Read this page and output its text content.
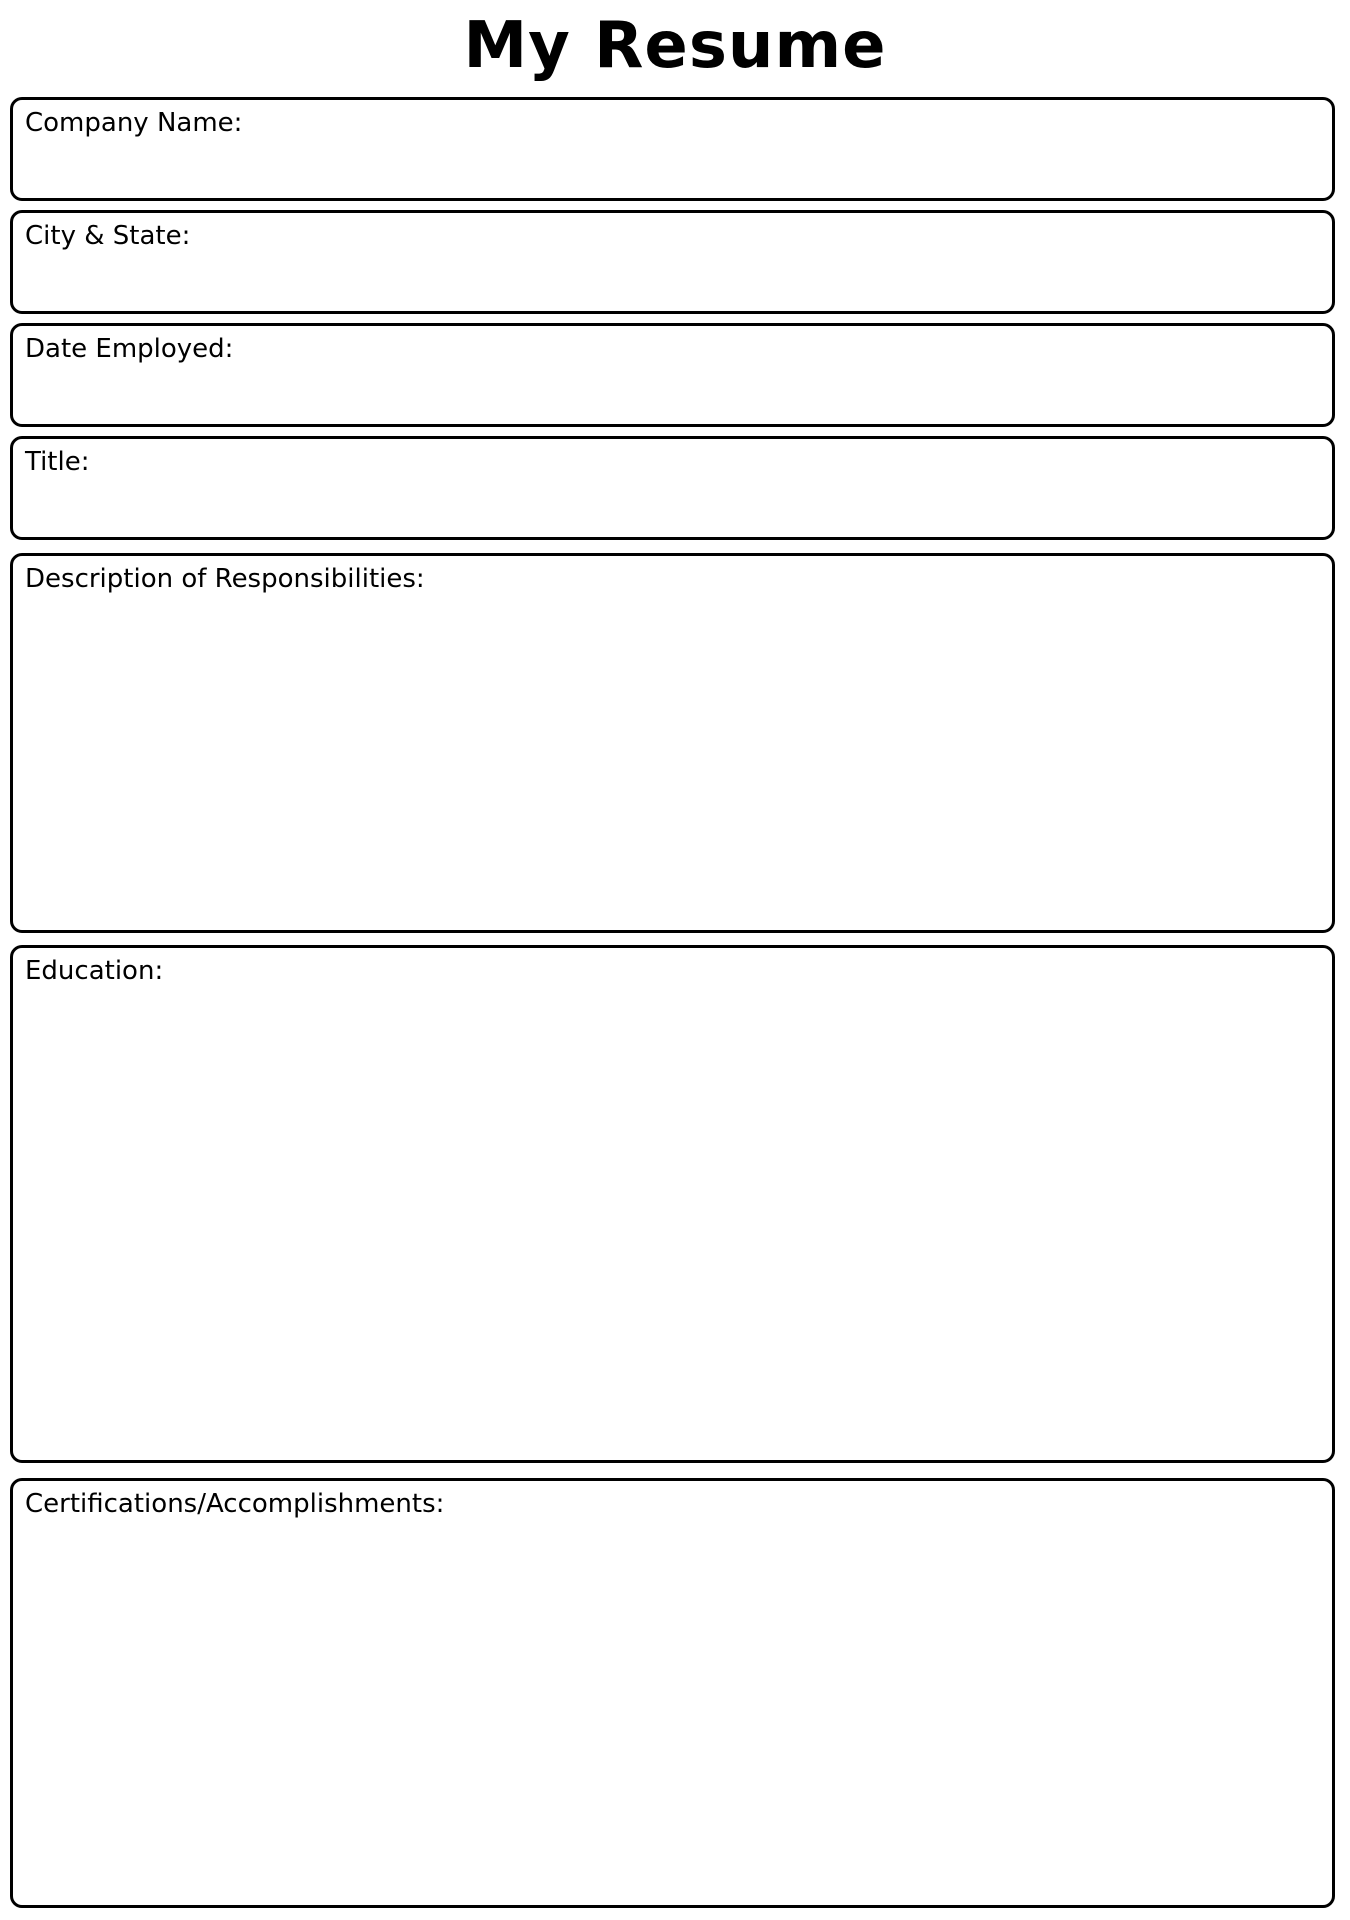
My Resume
Company Name:
City & State:
Date Employed:
Title:
Description of Responsibilities:
Education:
Certifications/Accomplishments:
